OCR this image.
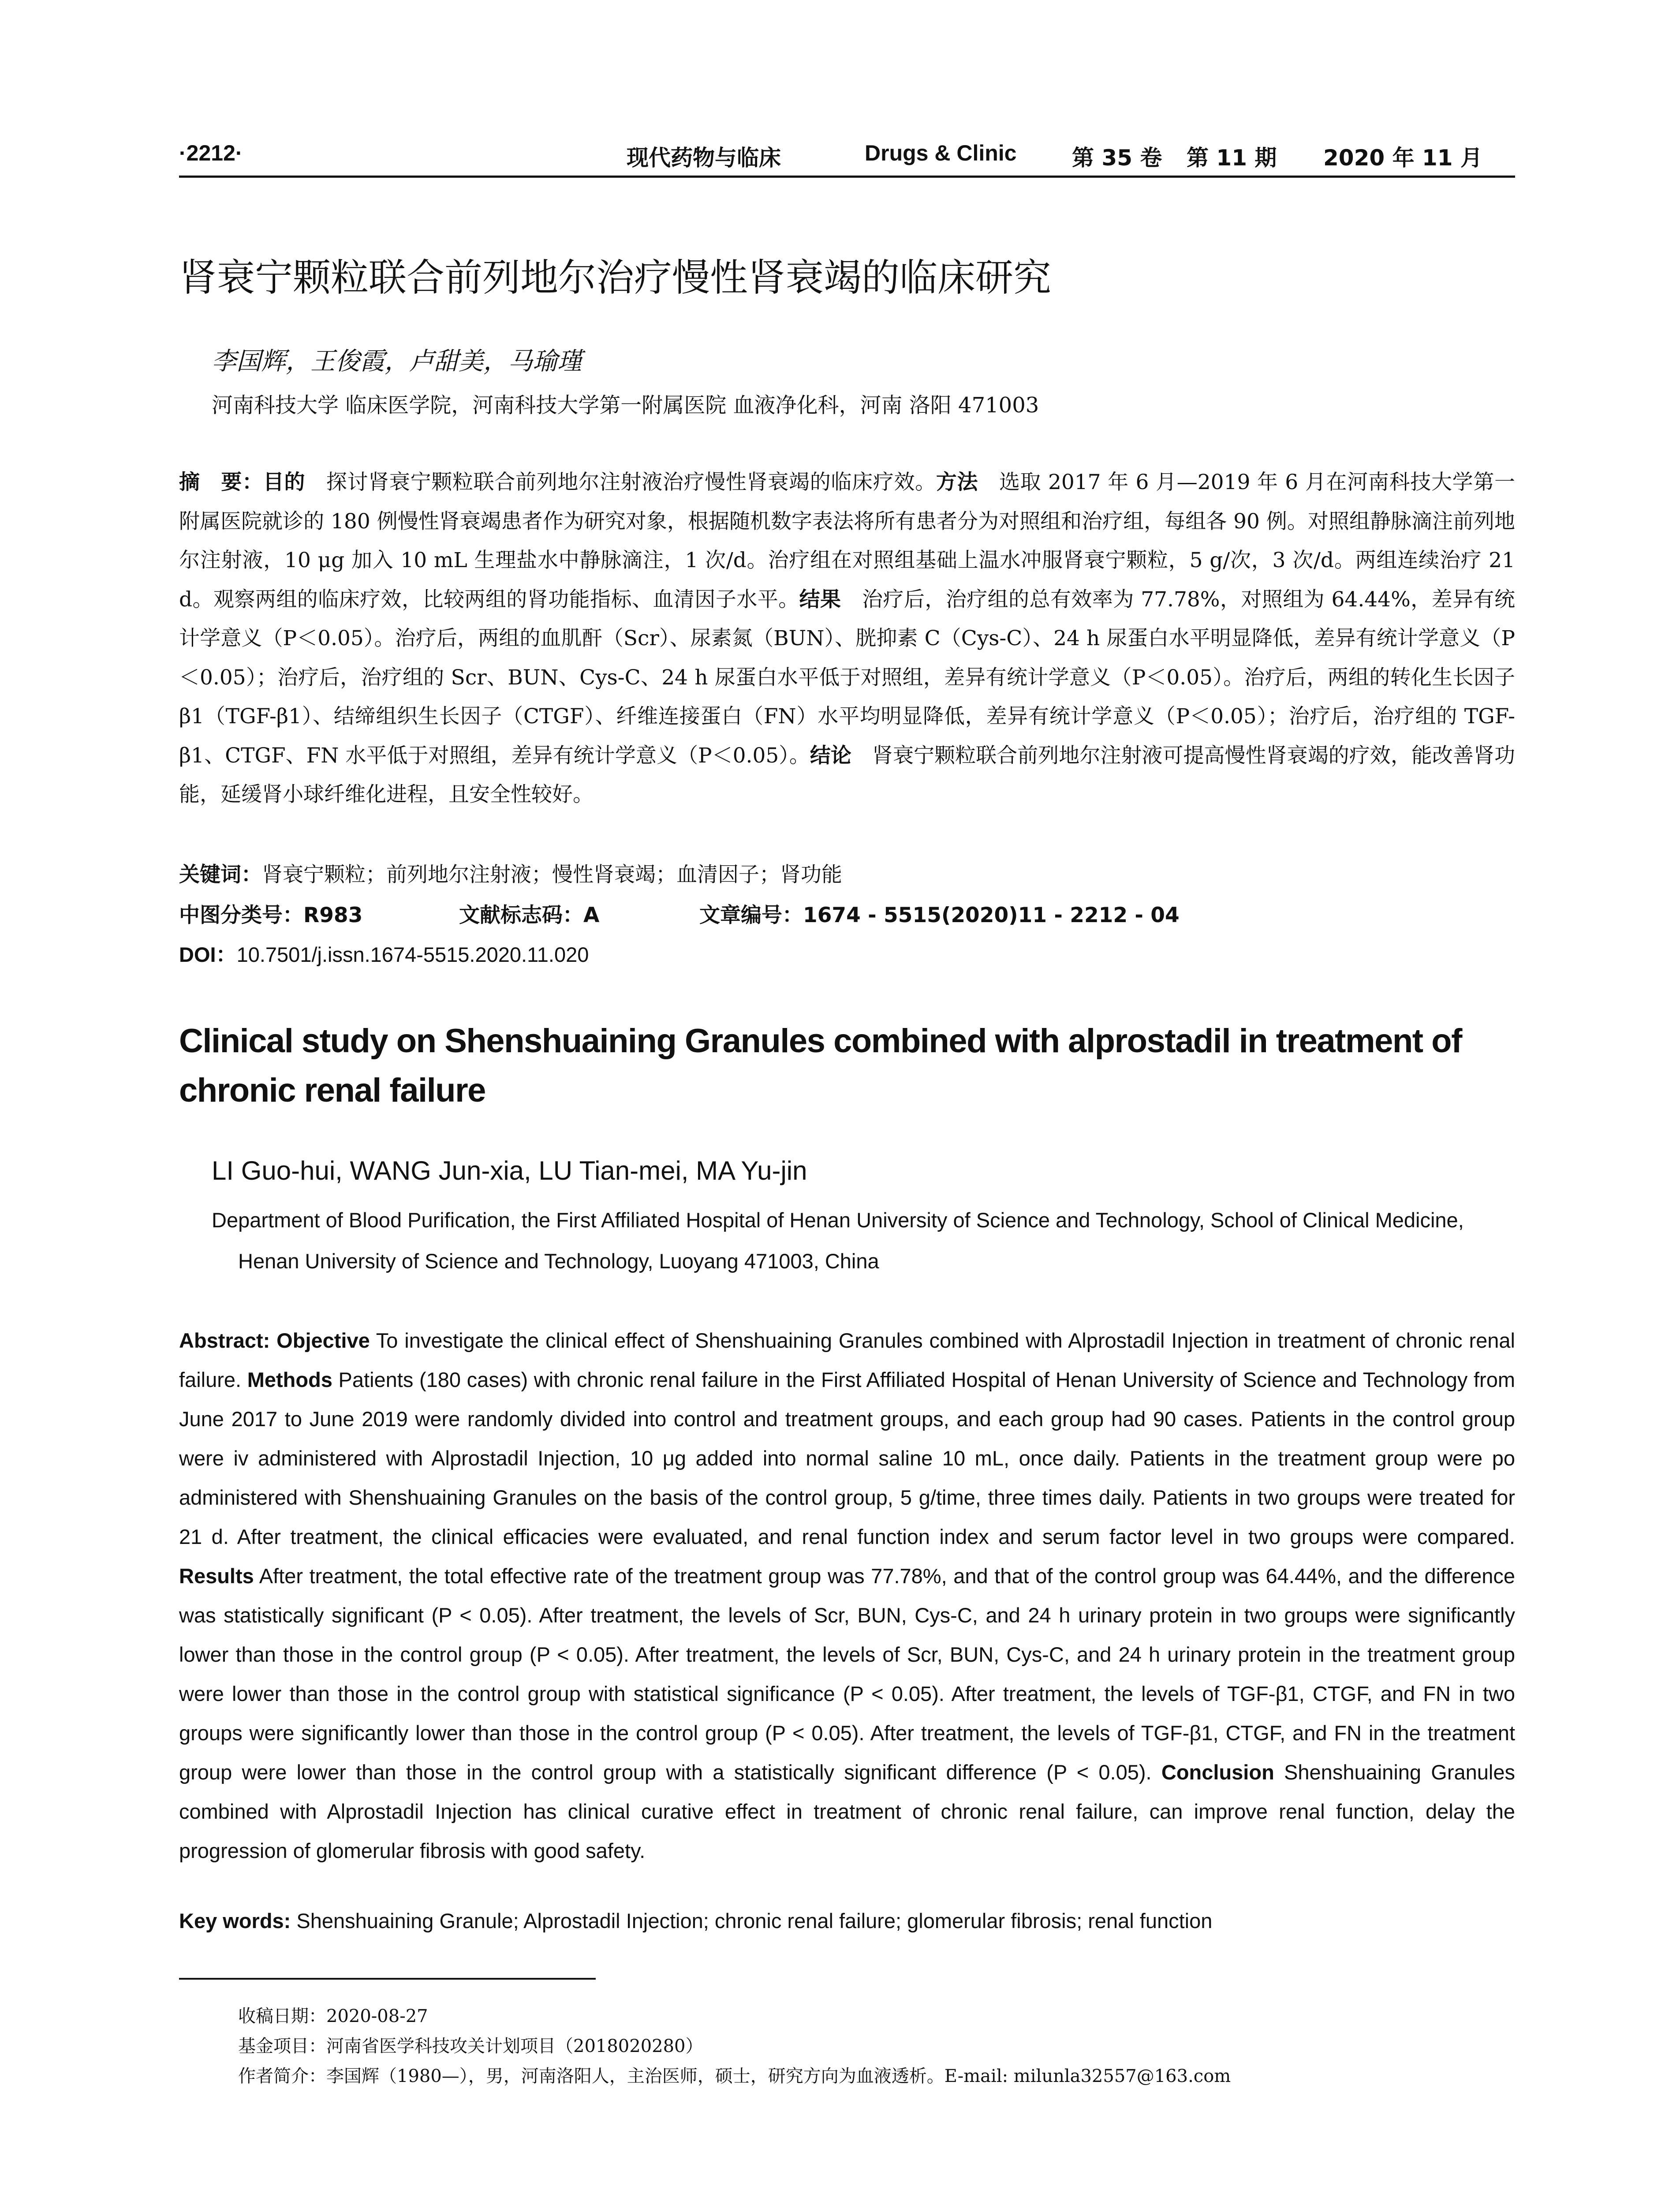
·2212·	现代药物与临床	Drugs & Clinic	第 35 卷 第 11 期 2020 年 11 月
肾衰宁颗粒联合前列地尔治疗慢性肾衰竭的临床研究
李国辉，王俊霞，卢甜美，马瑜瑾
河南科技大学 临床医学院，河南科技大学第一附属医院 血液净化科，河南 洛阳 471003
摘　要：目的　探讨肾衰宁颗粒联合前列地尔注射液治疗慢性肾衰竭的临床疗效。方法　选取 2017 年 6 月—2019 年 6 月在河南科技大学第一附属医院就诊的 180 例慢性肾衰竭患者作为研究对象，根据随机数字表法将所有患者分为对照组和治疗组，每组各 90 例。对照组静脉滴注前列地尔注射液，10 μg 加入 10 mL 生理盐水中静脉滴注，1 次/d。治疗组在对照组基础上温水冲服肾衰宁颗粒，5 g/次，3 次/d。两组连续治疗 21 d。观察两组的临床疗效，比较两组的肾功能指标、血清因子水平。结果　治疗后，治疗组的总有效率为 77.78%，对照组为 64.44%，差异有统计学意义（P＜0.05）。治疗后，两组的血肌酐（Scr）、尿素氮（BUN）、胱抑素 C（Cys-C）、24 h 尿蛋白水平明显降低，差异有统计学意义（P＜0.05）；治疗后，治疗组的 Scr、BUN、Cys-C、24 h 尿蛋白水平低于对照组，差异有统计学意义（P＜0.05）。治疗后，两组的转化生长因子 β1（TGF-β1）、结缔组织生长因子（CTGF）、纤维连接蛋白（FN）水平均明显降低，差异有统计学意义（P＜0.05）；治疗后，治疗组的 TGF-β1、CTGF、FN 水平低于对照组，差异有统计学意义（P＜0.05）。结论　肾衰宁颗粒联合前列地尔注射液可提高慢性肾衰竭的疗效，能改善肾功能，延缓肾小球纤维化进程，且安全性较好。
关键词：肾衰宁颗粒；前列地尔注射液；慢性肾衰竭；血清因子；肾功能
中图分类号：R983	文献标志码：A	文章编号：1674 - 5515(2020)11 - 2212 - 04
DOI：10.7501/j.issn.1674-5515.2020.11.020
Clinical study on Shenshuaining Granules combined with alprostadil in treatment of chronic renal failure
LI Guo-hui, WANG Jun-xia, LU Tian-mei, MA Yu-jin
Department of Blood Purification, the First Affiliated Hospital of Henan University of Science and Technology, School of Clinical Medicine, Henan University of Science and Technology, Luoyang 471003, China
Abstract: Objective To investigate the clinical effect of Shenshuaining Granules combined with Alprostadil Injection in treatment of chronic renal failure. Methods Patients (180 cases) with chronic renal failure in the First Affiliated Hospital of Henan University of Science and Technology from June 2017 to June 2019 were randomly divided into control and treatment groups, and each group had 90 cases. Patients in the control group were iv administered with Alprostadil Injection, 10 μg added into normal saline 10 mL, once daily. Patients in the treatment group were po administered with Shenshuaining Granules on the basis of the control group, 5 g/time, three times daily. Patients in two groups were treated for 21 d. After treatment, the clinical efficacies were evaluated, and renal function index and serum factor level in two groups were compared. Results After treatment, the total effective rate of the treatment group was 77.78%, and that of the control group was 64.44%, and the difference was statistically significant (P < 0.05). After treatment, the levels of Scr, BUN, Cys-C, and 24 h urinary protein in two groups were significantly lower than those in the control group (P < 0.05). After treatment, the levels of Scr, BUN, Cys-C, and 24 h urinary protein in the treatment group were lower than those in the control group with statistical significance (P < 0.05). After treatment, the levels of TGF-β1, CTGF, and FN in two groups were significantly lower than those in the control group (P < 0.05). After treatment, the levels of TGF-β1, CTGF, and FN in the treatment group were lower than those in the control group with a statistically significant difference (P < 0.05). Conclusion Shenshuaining Granules combined with Alprostadil Injection has clinical curative effect in treatment of chronic renal failure, can improve renal function, delay the progression of glomerular fibrosis with good safety.
Key words: Shenshuaining Granule; Alprostadil Injection; chronic renal failure; glomerular fibrosis; renal function
收稿日期：2020-08-27
基金项目：河南省医学科技攻关计划项目（2018020280）
作者简介：李国辉（1980—），男，河南洛阳人，主治医师，硕士，研究方向为血液透析。E-mail: milunla32557@163.com
